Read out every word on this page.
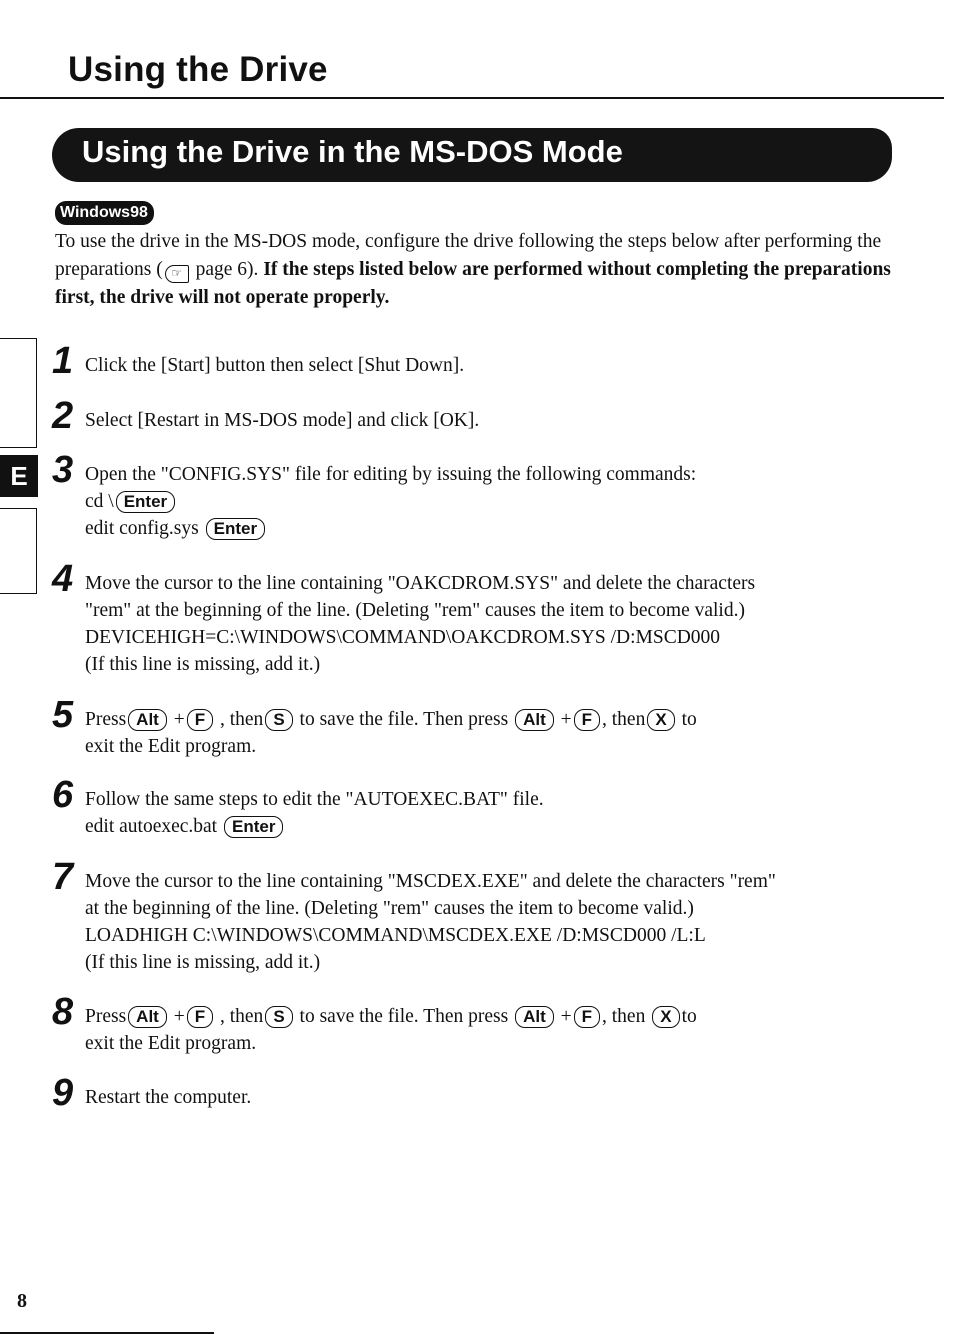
Using the Drive
Using the Drive in the MS-DOS Mode
Windows98

To use the drive in the MS-DOS mode, configure the drive following the steps below after performing the preparations ( ☞ page 6). If the steps listed below are performed without completing the preparations first, the drive will not operate properly.

E
1 Click the [Start] button then select [Shut Down].
2 Select [Restart in MS-DOS mode] and click [OK].
3 Open the "CONFIG.SYS" file for editing by issuing the following commands:
cd \ Enter
edit config.sys Enter
4 Move the cursor to the line containing "OAKCDROM.SYS" and delete the characters
"rem" at the beginning of the line. (Deleting "rem" causes the item to become valid.)
DEVICEHIGH=C:\WINDOWS\COMMAND\OAKCDROM.SYS /D:MSCD000
(If this line is missing, add it.)
5 Press Alt + F , then S to save the file. Then press Alt + F , then X to
exit the Edit program.
6 Follow the same steps to edit the "AUTOEXEC.BAT" file.
edit autoexec.bat Enter
7 Move the cursor to the line containing "MSCDEX.EXE" and delete the characters "rem"
at the beginning of the line. (Deleting "rem" causes the item to become valid.)
LOADHIGH C:\WINDOWS\COMMAND\MSCDEX.EXE /D:MSCD000 /L:L
(If this line is missing, add it.)
8 Press Alt + F , then S to save the file. Then press Alt + F , then X to
exit the Edit program.
9 Restart the computer.
8
